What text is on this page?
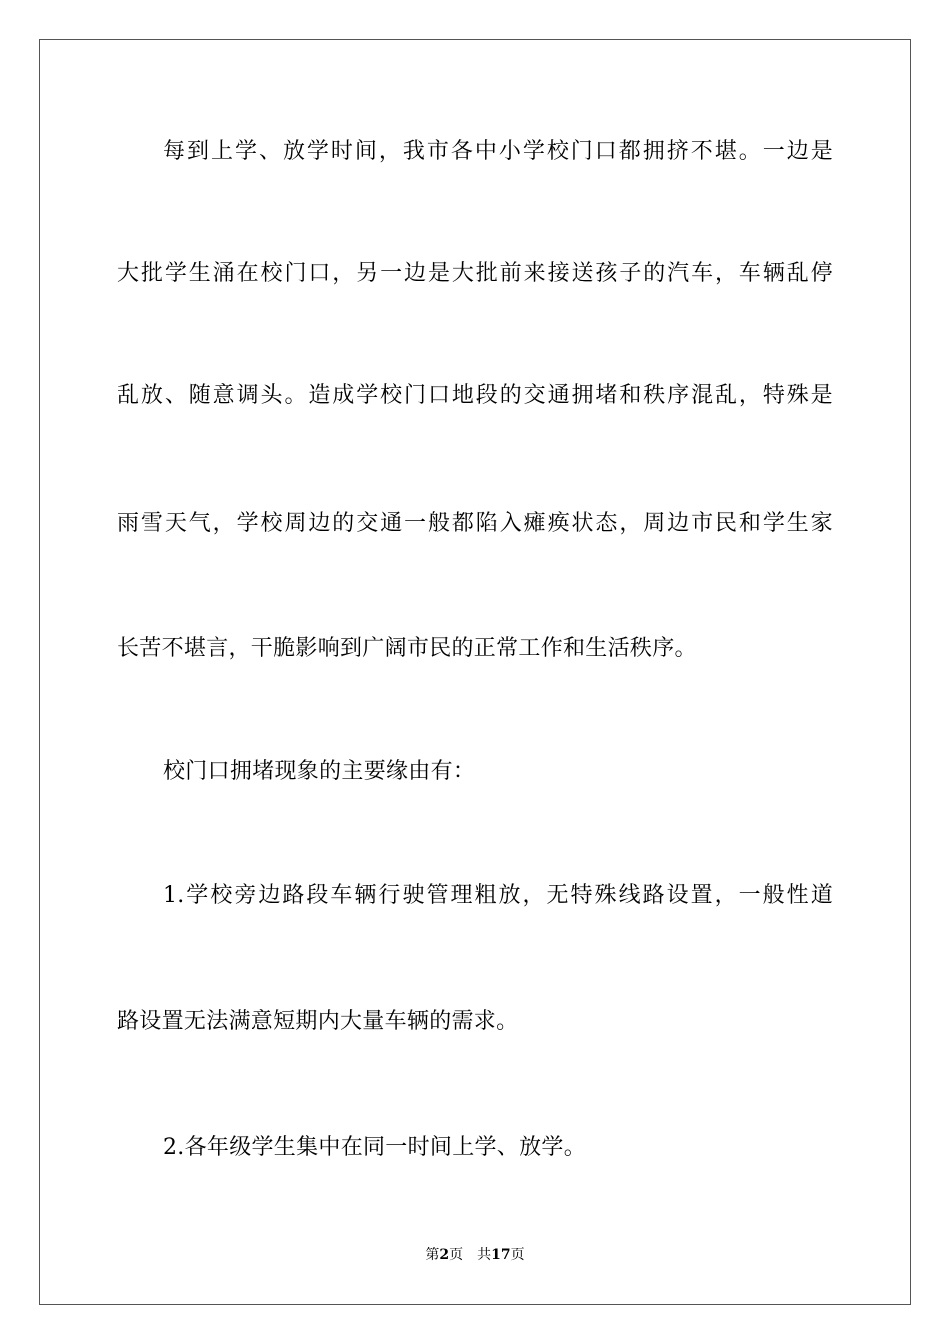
每到上学、放学时间，我市各中小学校门口都拥挤不堪。一边是
大批学生涌在校门口，另一边是大批前来接送孩子的汽车，车辆乱停
乱放、随意调头。造成学校门口地段的交通拥堵和秩序混乱，特殊是
雨雪天气，学校周边的交通一般都陷入瘫痪状态，周边市民和学生家
长苦不堪言，干脆影响到广阔市民的正常工作和生活秩序。
校门口拥堵现象的主要缘由有：
1.学校旁边路段车辆行驶管理粗放，无特殊线路设置，一般性道
路设置无法满意短期内大量车辆的需求。
2.各年级学生集中在同一时间上学、放学。
第2页 共17页
